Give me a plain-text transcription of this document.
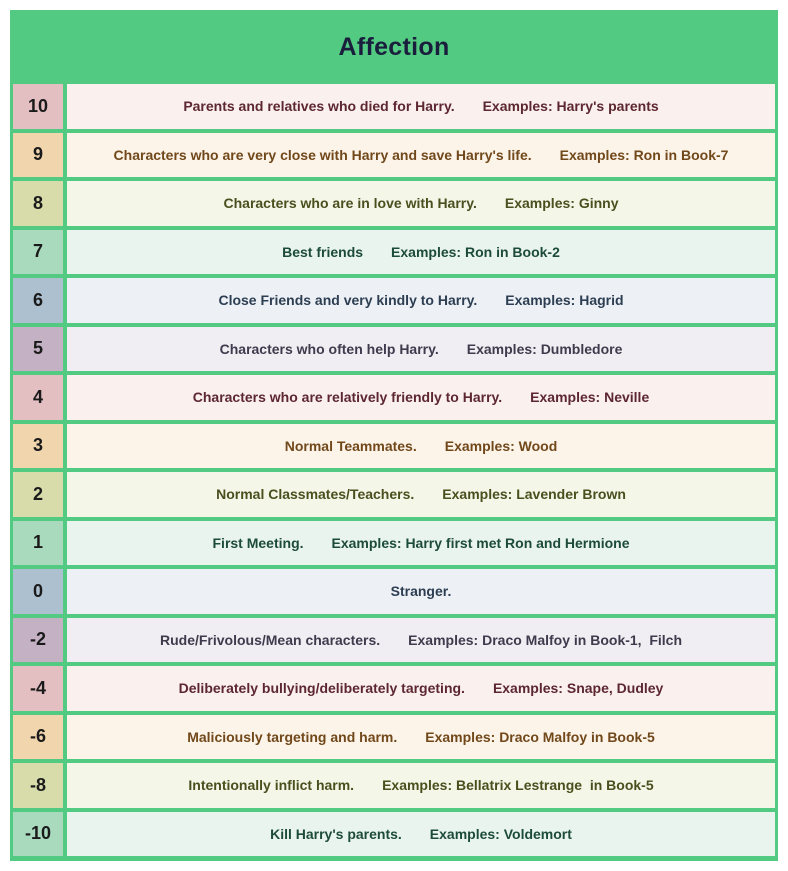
Affection
10	Parents and relatives who died for Harry. Examples: Harry's parents
9	Characters who are very close with Harry and save Harry's life. Examples: Ron in Book-7
8	Characters who are in love with Harry. Examples: Ginny
7	Best friends Examples: Ron in Book-2
6	Close Friends and very kindly to Harry. Examples: Hagrid
5	Characters who often help Harry. Examples: Dumbledore
4	Characters who are relatively friendly to Harry. Examples: Neville
3	Normal Teammates. Examples: Wood
2	Normal Classmates/Teachers. Examples: Lavender Brown
1	First Meeting. Examples: Harry first met Ron and Hermione
0	Stranger.
-2	Rude/Frivolous/Mean characters. Examples: Draco Malfoy in Book-1,  Filch
-4	Deliberately bullying/deliberately targeting. Examples: Snape, Dudley
-6	Maliciously targeting and harm. Examples: Draco Malfoy in Book-5
-8	Intentionally inflict harm. Examples: Bellatrix Lestrange  in Book-5
-10	Kill Harry's parents. Examples: Voldemort
